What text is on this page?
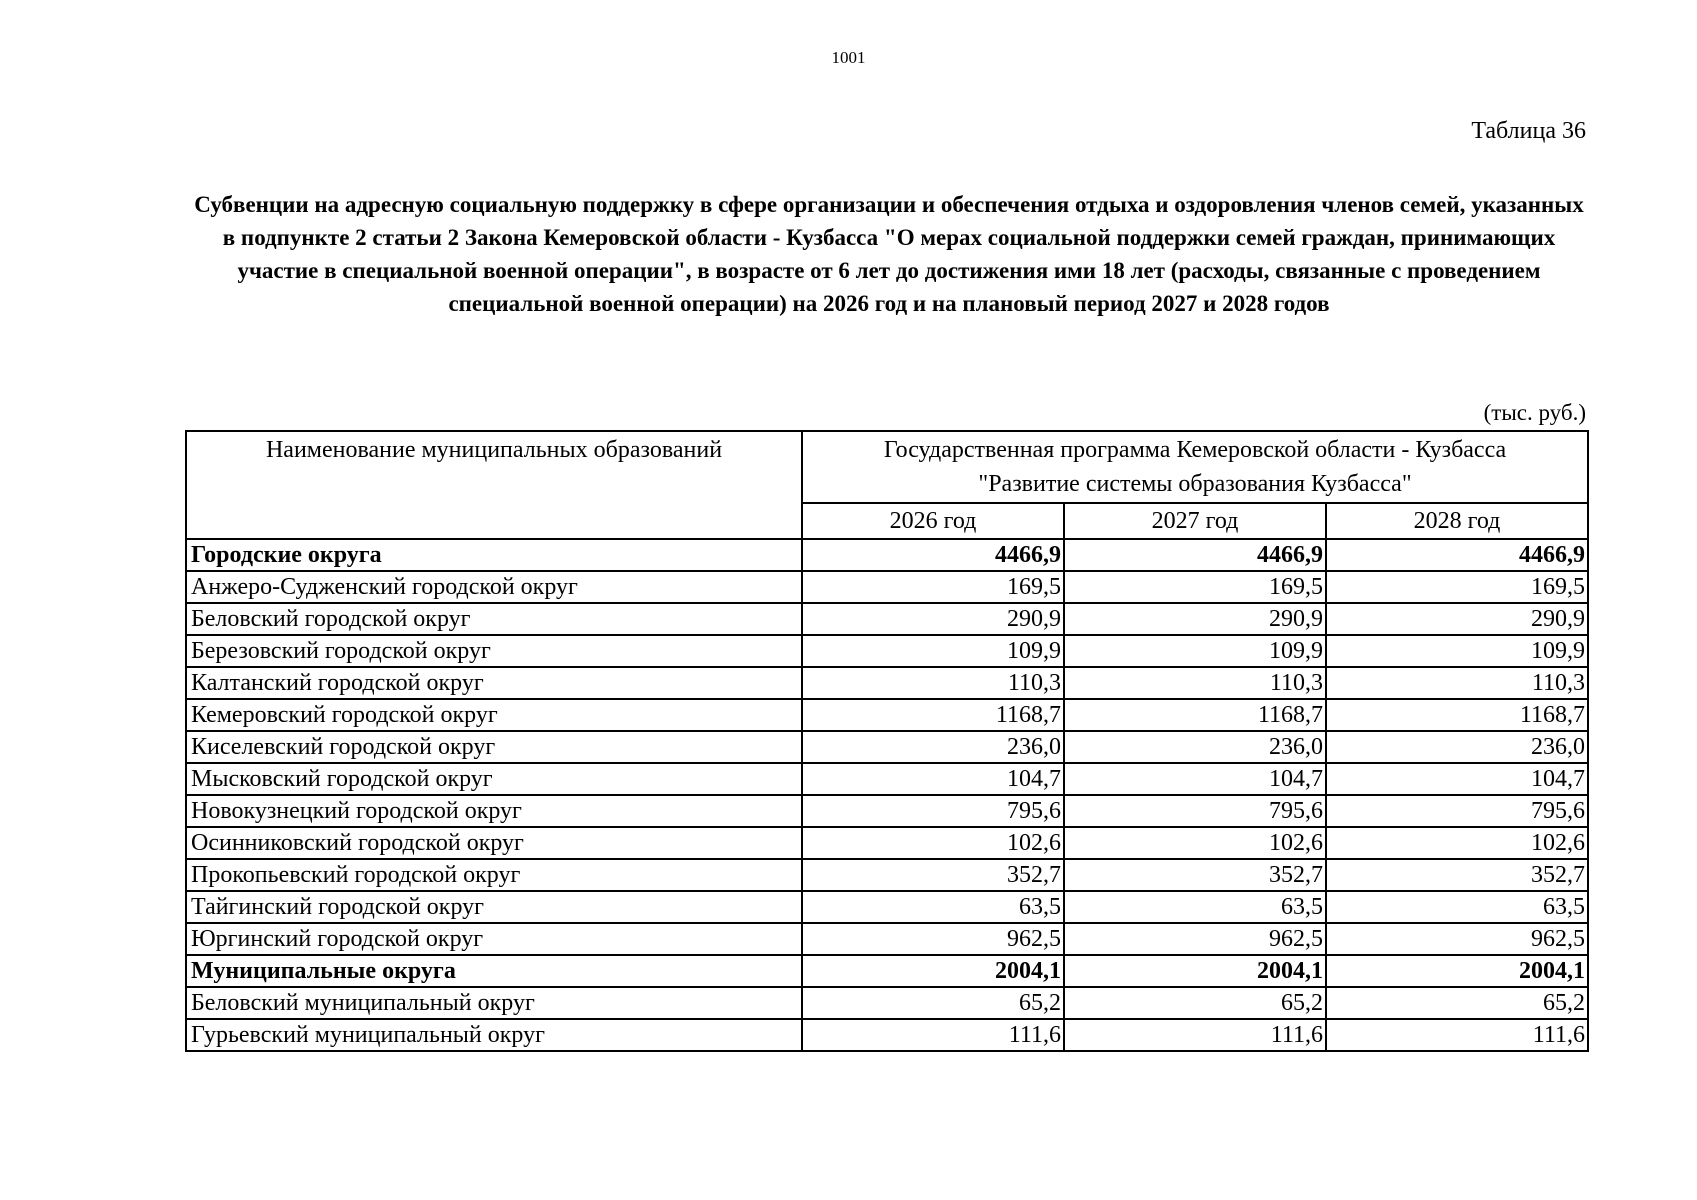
1001
Таблица 36
Субвенции на адресную социальную поддержку в сфере организации и обеспечения отдыха и оздоровления членов семей, указанных в подпункте 2 статьи 2 Закона Кемеровской области - Кузбасса "О мерах социальной поддержки семей граждан, принимающих участие в специальной военной операции", в возрасте от 6 лет до достижения ими 18 лет (расходы, связанные с проведением специальной военной операции) на 2026 год и на плановый период 2027 и 2028 годов
(тыс. руб.)
Наименование муниципальных образований	Государственная программа Кемеровской области - Кузбасса
"Развитие системы образования Кузбасса"		

	2026 год	2027 год	2028 год
Городские округа	4466,9	4466,9	4466,9
Анжеро-Судженский городской округ	169,5	169,5	169,5
Беловский городской округ	290,9	290,9	290,9
Березовский городской округ	109,9	109,9	109,9
Калтанский городской округ	110,3	110,3	110,3
Кемеровский городской округ	1168,7	1168,7	1168,7
Киселевский городской округ	236,0	236,0	236,0
Мысковский городской округ	104,7	104,7	104,7
Новокузнецкий городской округ	795,6	795,6	795,6
Осинниковский городской округ	102,6	102,6	102,6
Прокопьевский городской округ	352,7	352,7	352,7
Тайгинский городской округ	63,5	63,5	63,5
Юргинский городской округ	962,5	962,5	962,5
Муниципальные округа	2004,1	2004,1	2004,1
Беловский муниципальный округ	65,2	65,2	65,2
Гурьевский муниципальный округ	111,6	111,6	111,6
